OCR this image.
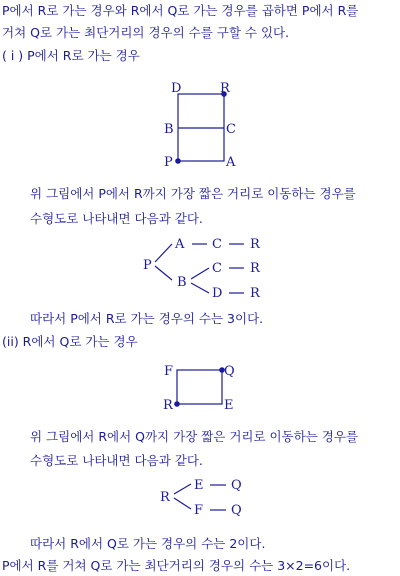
P에서 R로 가는 경우와 R에서 Q로 가는 경우를 곱하면 P에서 R를
거쳐 Q로 가는 최단거리의 경우의 수를 구할 수 있다.
( i ) P에서 R로 가는 경우
D	R
B	C
P	A
위 그림에서 P에서 R까지 가장 짧은 거리로 이동하는 경우를
수형도로 나타내면 다음과 같다.
P
A C R
B
C R
D R
따라서 P에서 R로 가는 경우의 수는 3이다.
(ii) R에서 Q로 가는 경우
F	Q
R	E
위 그림에서 R에서 Q까지 가장 짧은 거리로 이동하는 경우를
수형도로 나타내면 다음과 같다.
R
E Q
F Q
따라서 R에서 Q로 가는 경우의 수는 2이다.
P에서 R를 거쳐 Q로 가는 최단거리의 경우의 수는 3×2=6이다.
